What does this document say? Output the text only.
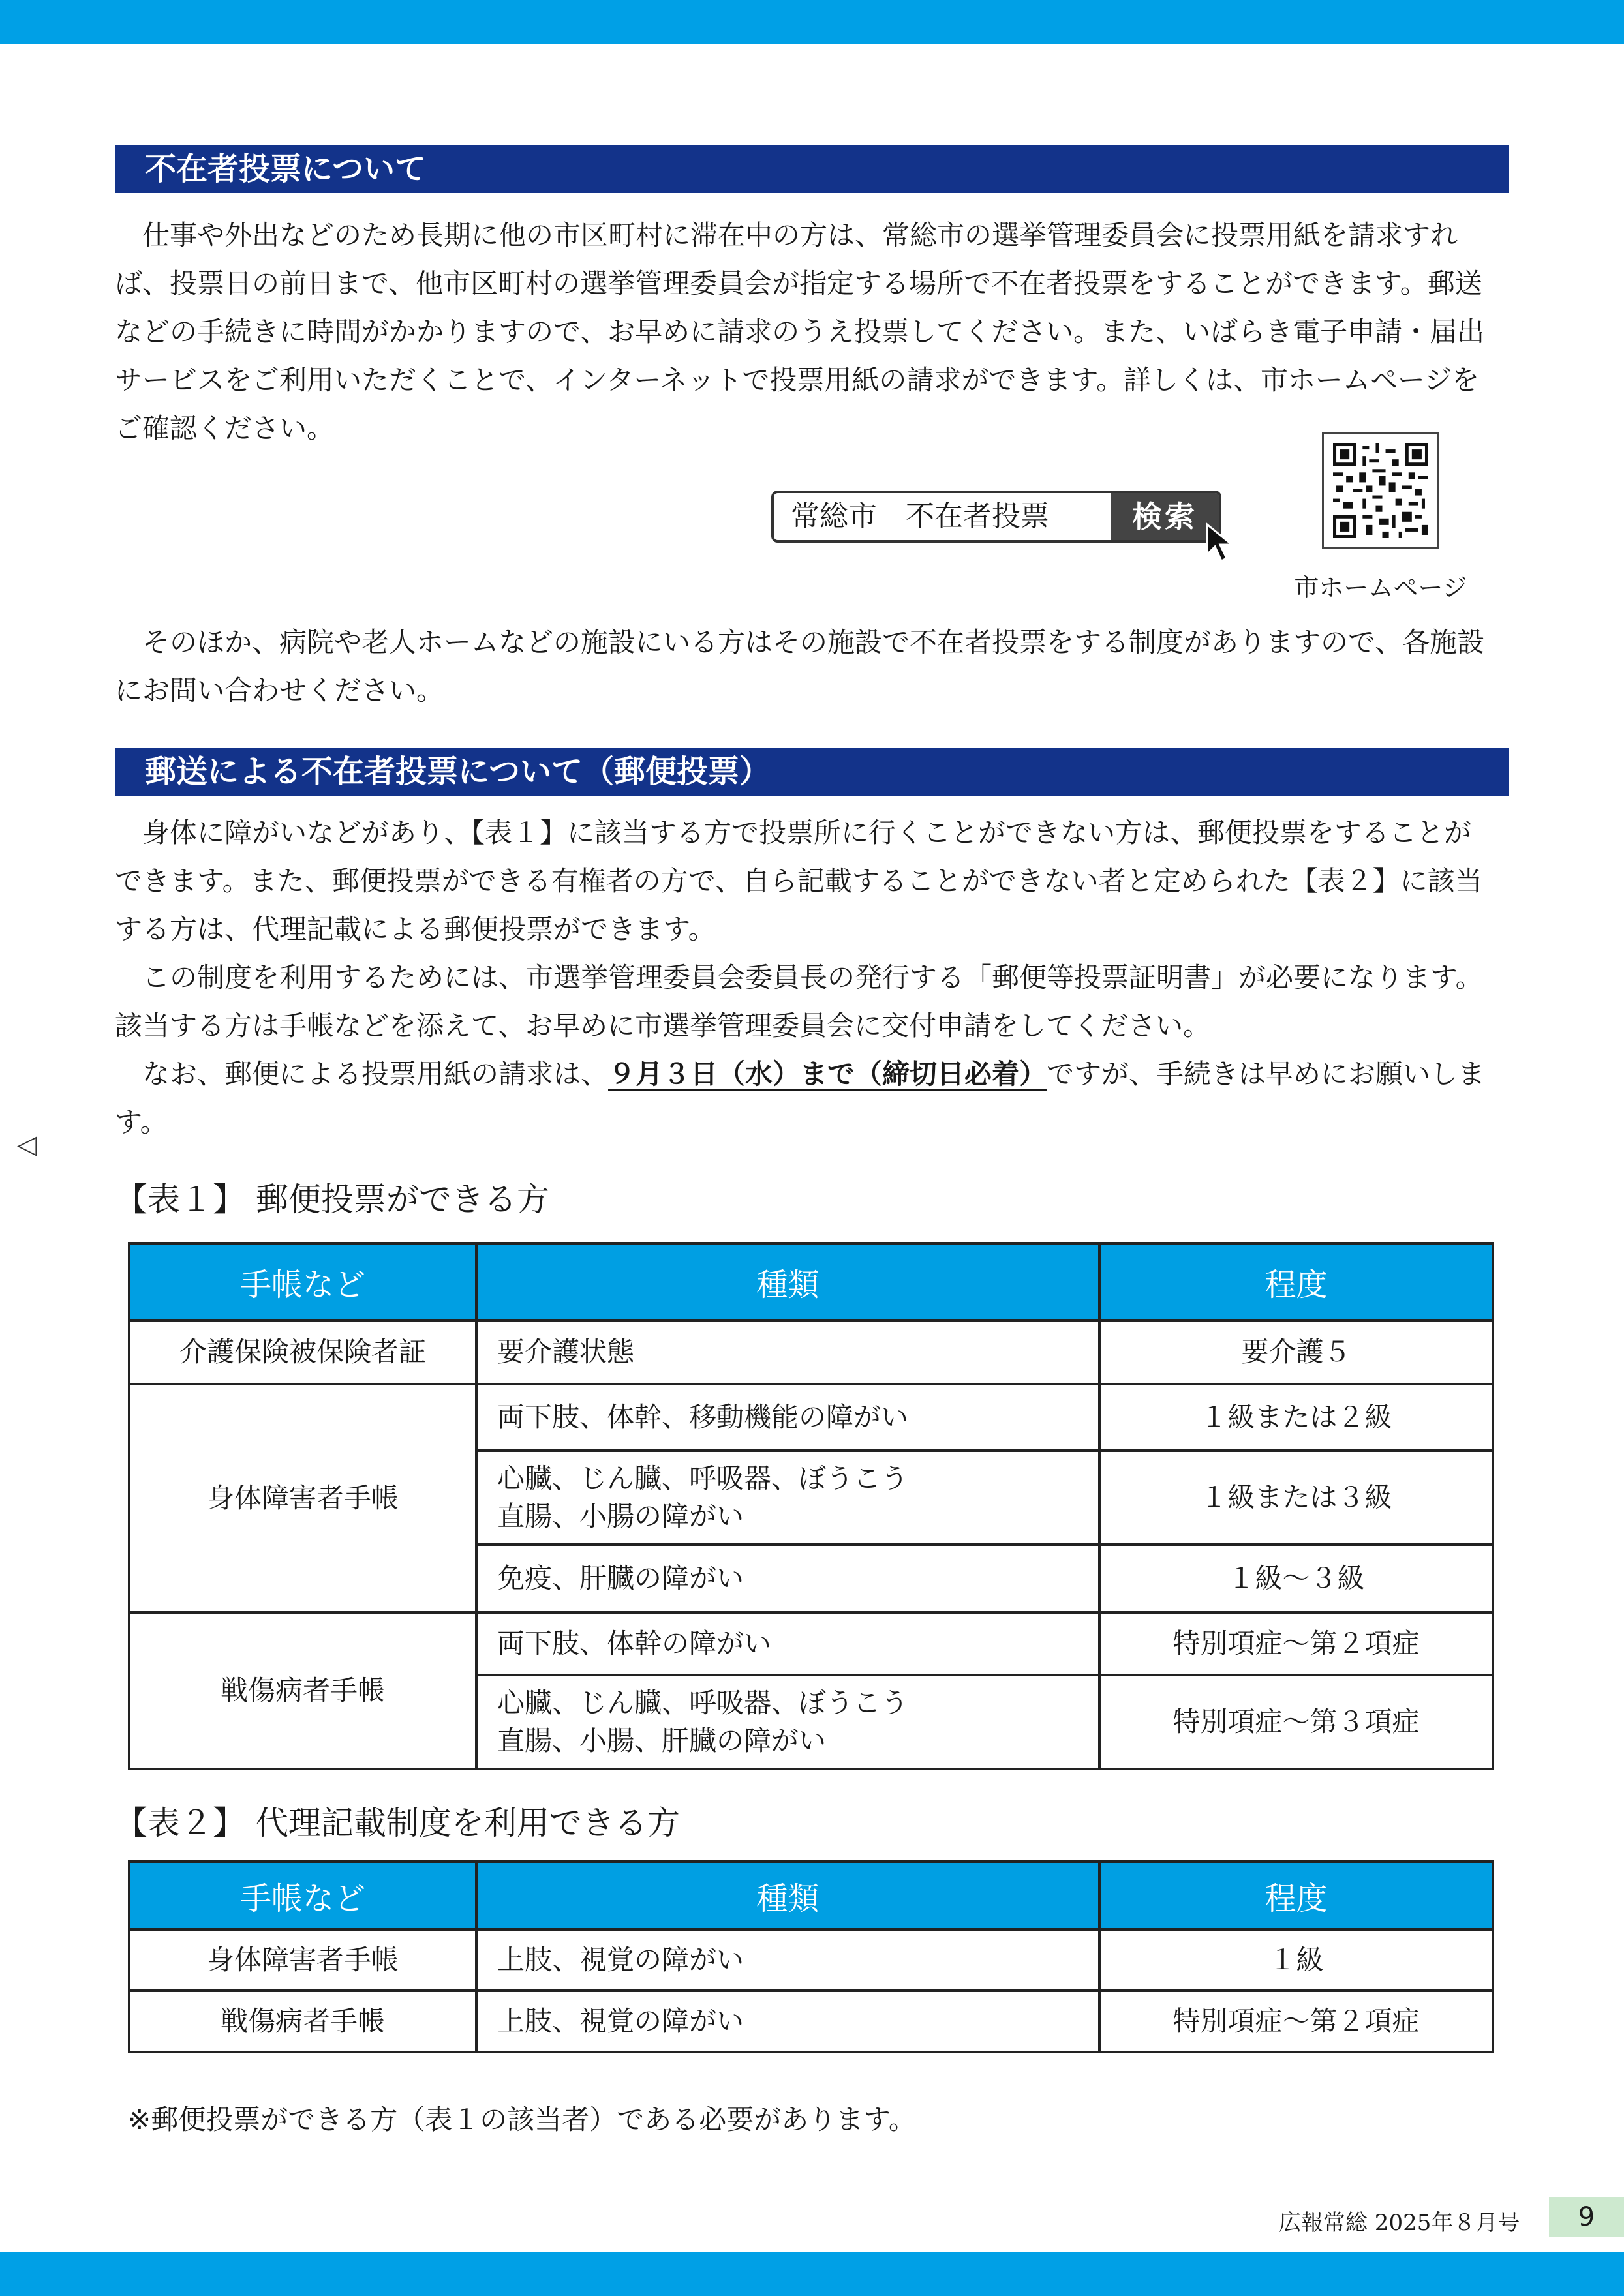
不在者投票について

仕事や外出などのため長期に他の市区町村に滞在中の方は、常総市の選挙管理委員会に投票用紙を請求すれば、投票日の前日まで、他市区町村の選挙管理委員会が指定する場所で不在者投票をすることができます。郵送などの手続きに時間がかかりますので、お早めに請求のうえ投票してください。また、いばらき電子申請・届出サービスをご利用いただくことで、インターネットで投票用紙の請求ができます。詳しくは、市ホームページをご確認ください。

常総市　不在者投票	検索
市ホームページ

そのほか、病院や老人ホームなどの施設にいる方はその施設で不在者投票をする制度がありますので、各施設にお問い合わせください。

郵送による不在者投票について（郵便投票）

身体に障がいなどがあり、【表１】に該当する方で投票所に行くことができない方は、郵便投票をすることができます。また、郵便投票ができる有権者の方で、自ら記載することができない者と定められた【表２】に該当する方は、代理記載による郵便投票ができます。

この制度を利用するためには、市選挙管理委員会委員長の発行する「郵便等投票証明書」が必要になります。該当する方は手帳などを添えて、お早めに市選挙管理委員会に交付申請をしてください。

なお、郵便による投票用紙の請求は、９月３日（水）まで（締切日必着）ですが、手続きは早めにお願いします。

◁
【表１】 郵便投票ができる方
手帳など	種類	程度
介護保険被保険者証	要介護状態	要介護５
身体障害者手帳	両下肢、体幹、移動機能の障がい	１級または２級

	心臓、じん臓、呼吸器、ぼうこう
直腸、小腸の障がい	１級または３級
	免疫、肝臓の障がい	１級～３級
戦傷病者手帳	両下肢、体幹の障がい	特別項症～第２項症

	心臓、じん臓、呼吸器、ぼうこう
直腸、小腸、肝臓の障がい	特別項症～第３項症
【表２】 代理記載制度を利用できる方
手帳など	種類	程度
身体障害者手帳	上肢、視覚の障がい	１級
戦傷病者手帳	上肢、視覚の障がい	特別項症～第２項症
※郵便投票ができる方（表１の該当者）である必要があります。
広報常総 2025年８月号	9
